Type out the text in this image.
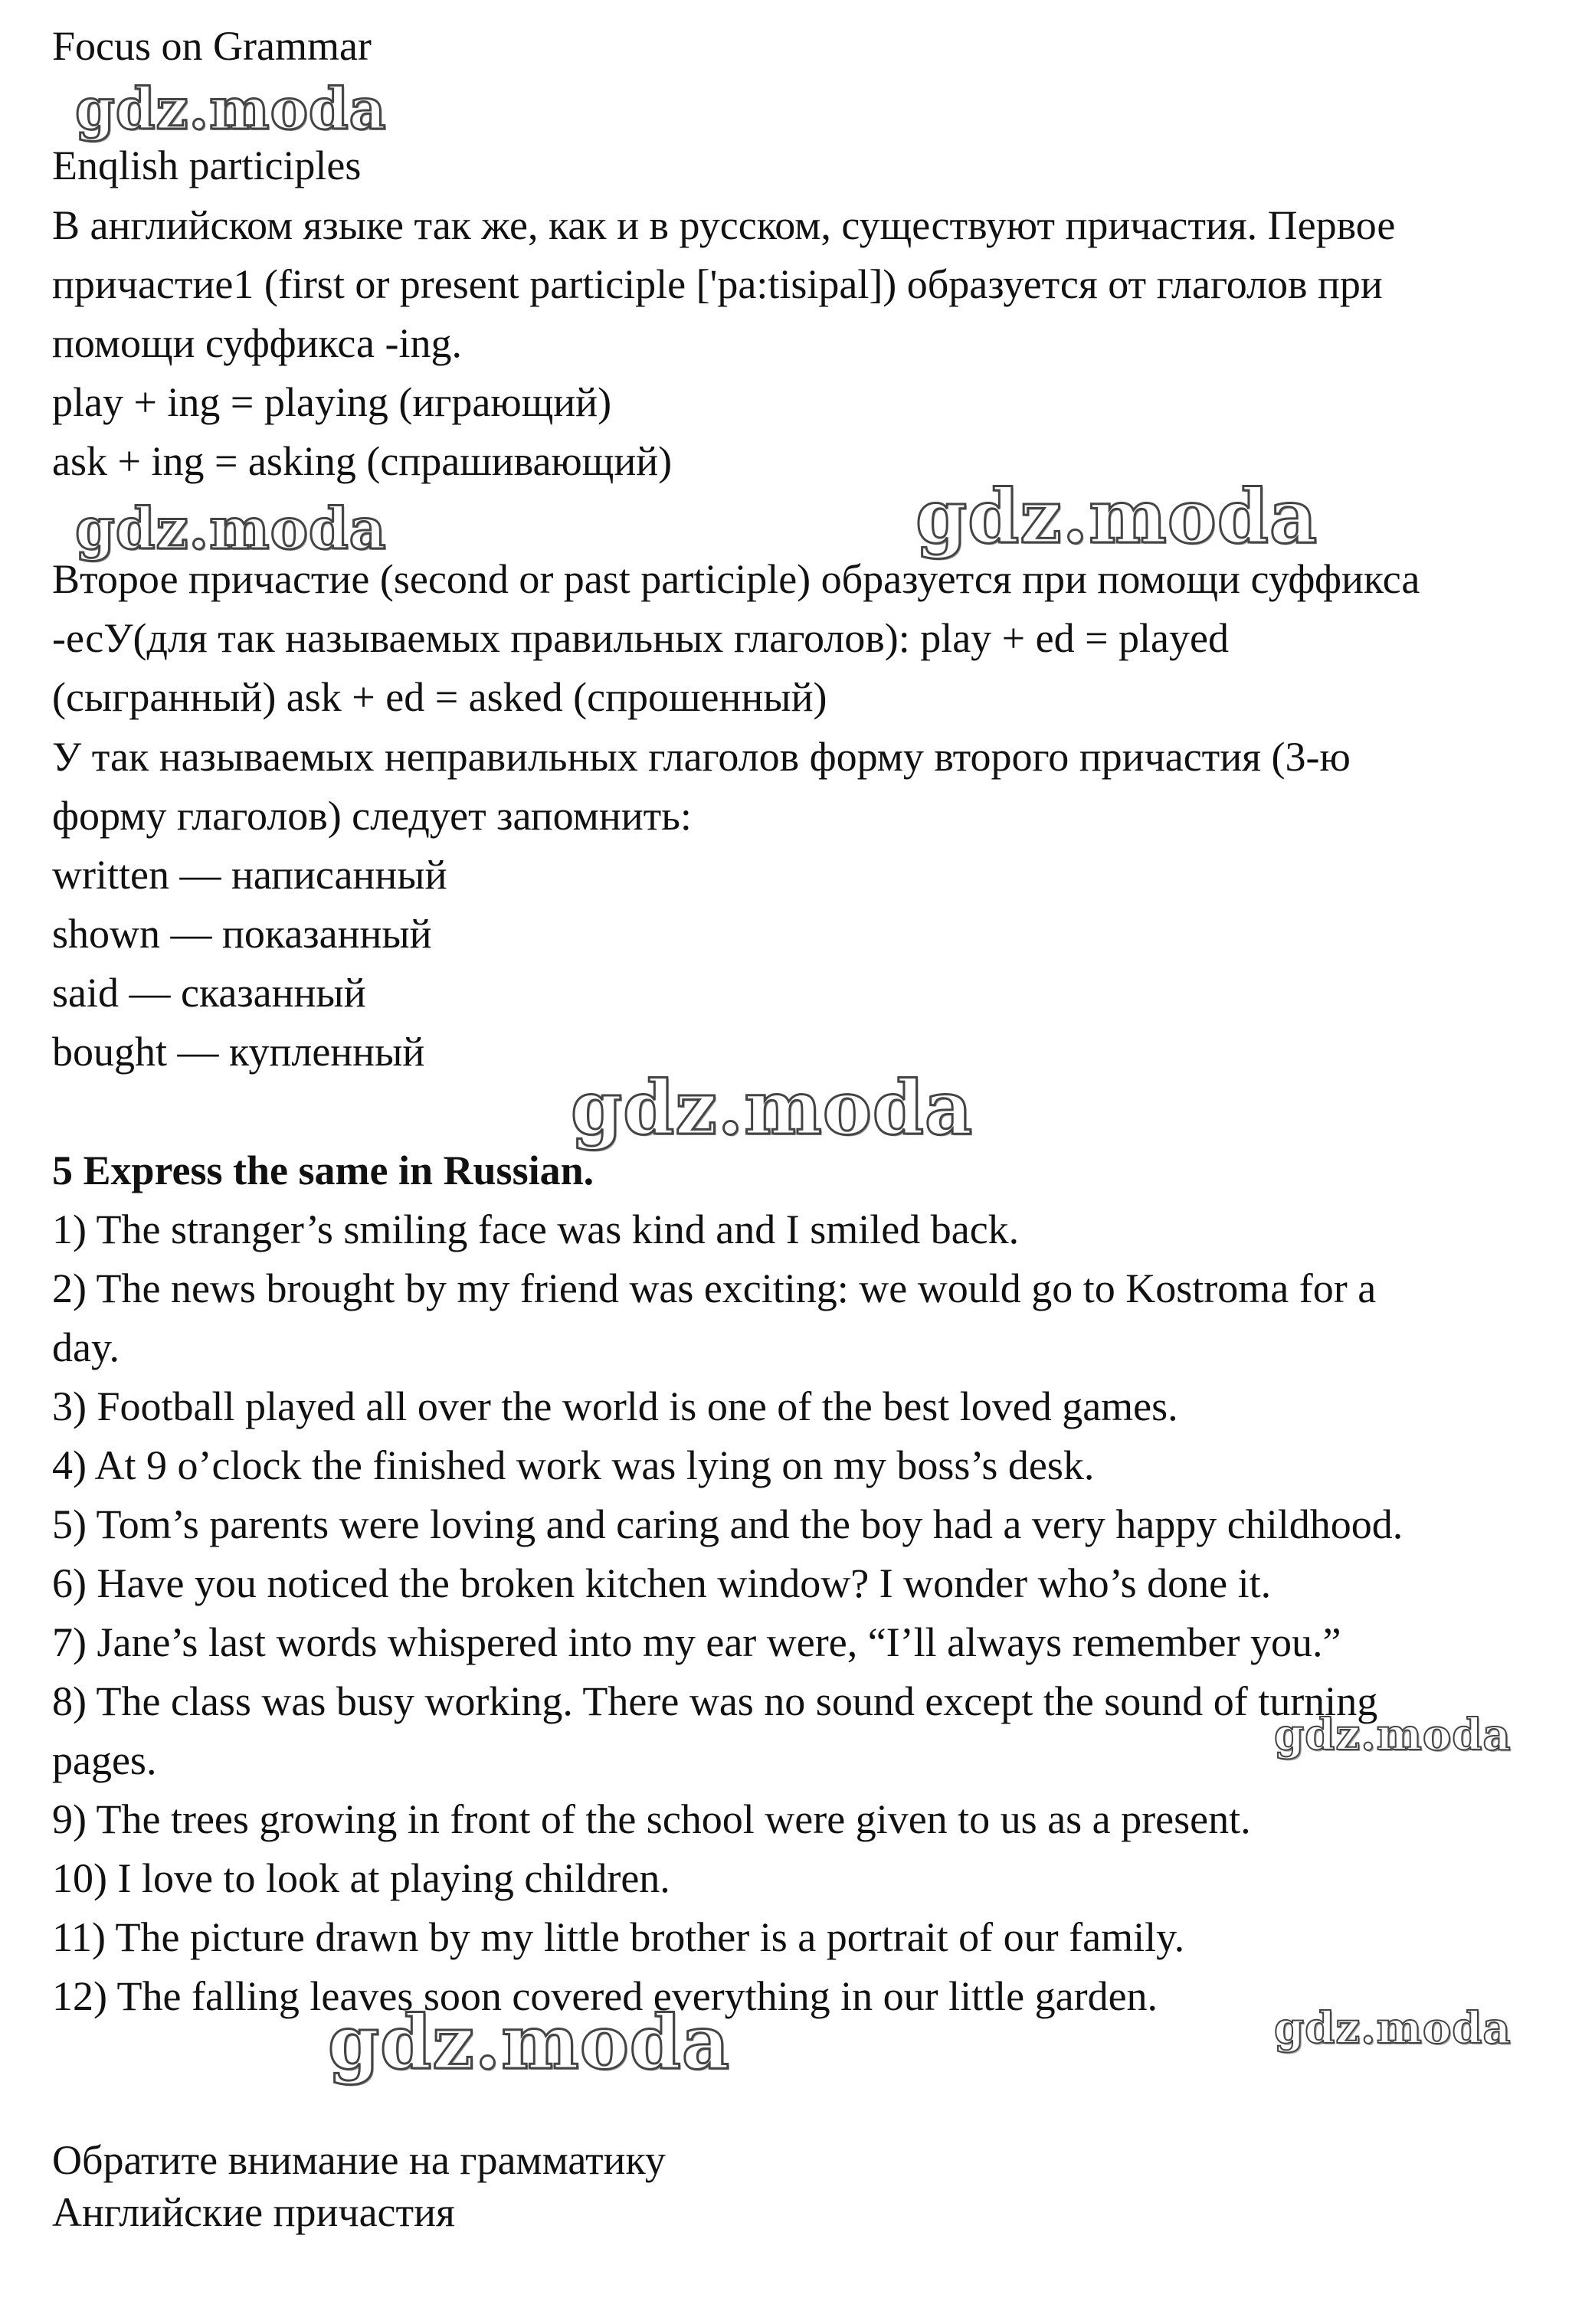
Focus on Grammar
Enqlish participles
В английском языке так же, как и в русском, существуют причастия. Первое
причастие1 (first or present participle ['pa:tisipal]) образуется от глаголов при
помощи суффикса -ing.
play + ing = playing (играющий)
ask + ing = asking (спрашивающий)
Второе причастие (second or past participle) образуется при помощи суффикса
-есУ(для так называемых правильных глаголов): play + ed = played
(сыгранный) ask + ed = asked (спрошенный)
У так называемых неправильных глаголов форму второго причастия (3-ю
форму глаголов) следует запомнить:
written — написанный
shown — показанный
said — сказанный
bought — купленный
5 Express the same in Russian.
1) The stranger’s smiling face was kind and I smiled back.
2) The news brought by my friend was exciting: we would go to Kostroma for a
day.
3) Football played all over the world is one of the best loved games.
4) At 9 o’clock the finished work was lying on my boss’s desk.
5) Tom’s parents were loving and caring and the boy had a very happy childhood.
6) Have you noticed the broken kitchen window? I wonder who’s done it.
7) Jane’s last words whispered into my ear were, “I’ll always remember you.”
8) The class was busy working. There was no sound except the sound of turning
pages.
9) The trees growing in front of the school were given to us as a present.
10) I love to look at playing children.
11) The picture drawn by my little brother is a portrait of our family.
12) The falling leaves soon covered everything in our little garden.
Обратите внимание на грамматику
Английские причастия
gdz.moda
gdz.moda	gdz.moda
gdz.moda
gdz.moda
gdz.moda	gdz.moda
